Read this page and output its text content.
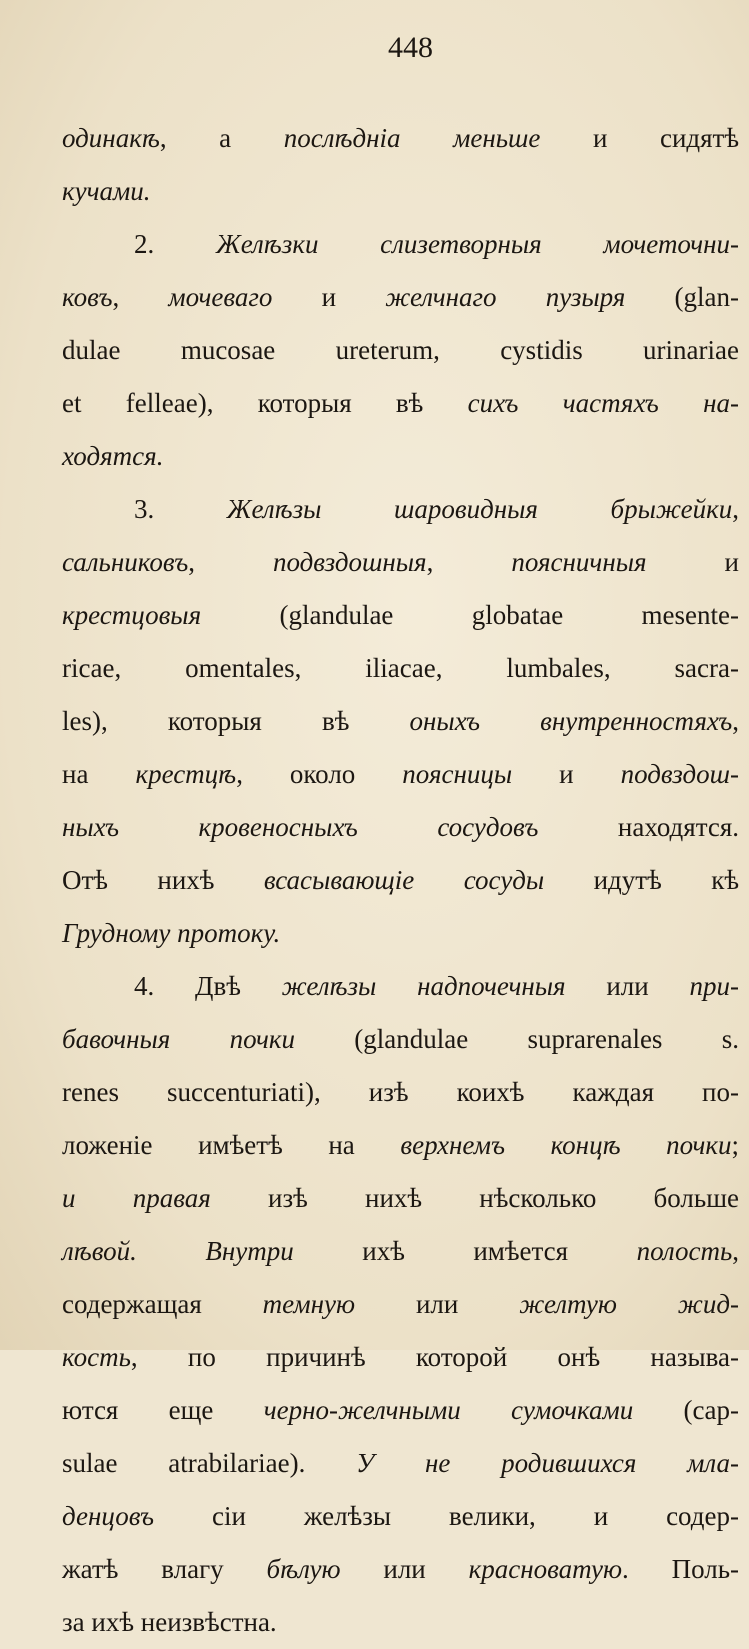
448
одинакѣ, а послѣдніа меньше и сидятѣ
кучами.
2. Желѣзки слизетворныя мочеточни-
ковъ, мочеваго и желчнаго пузыря (glan-
dulae mucosae ureterum, cystidis urinariae
et felleae), которыя вѣ сихъ частяхъ на-
ходятся.
3. Желѣзы шаровидныя брыжейки,
сальниковъ, подвздошныя, поясничныя и
крестцовыя (glandulae globatae mesente-
ricae, omentales, iliacae, lumbales, sacra-
les), которыя вѣ оныхъ внутренностяхъ,
на крестцѣ, около поясницы и подвздош-
ныхъ кровеносныхъ сосудовъ находятся.
Отѣ нихѣ всасывающіе сосуды идутѣ кѣ
Грудному протоку.
4. Двѣ желѣзы надпочечныя или при-
бавочныя почки (glandulae suprarenales s.
renes succenturiati), изѣ коихѣ каждая по-
ложеніе имѣетѣ на верхнемъ концѣ почки;
и правая изѣ нихѣ нѣсколько больше
лѣвой. Внутри ихѣ имѣется полость,
содержащая темную или желтую жид-
кость, по причинѣ которой онѣ называ-
ются еще черно-желчными сумочками (cap-
sulae atrabilariae). У не родившихся мла-
денцовъ сіи желѣзы велики, и содер-
жатѣ влагу бѣлую или красноватую. Поль-
за ихѣ неизвѣстна.
